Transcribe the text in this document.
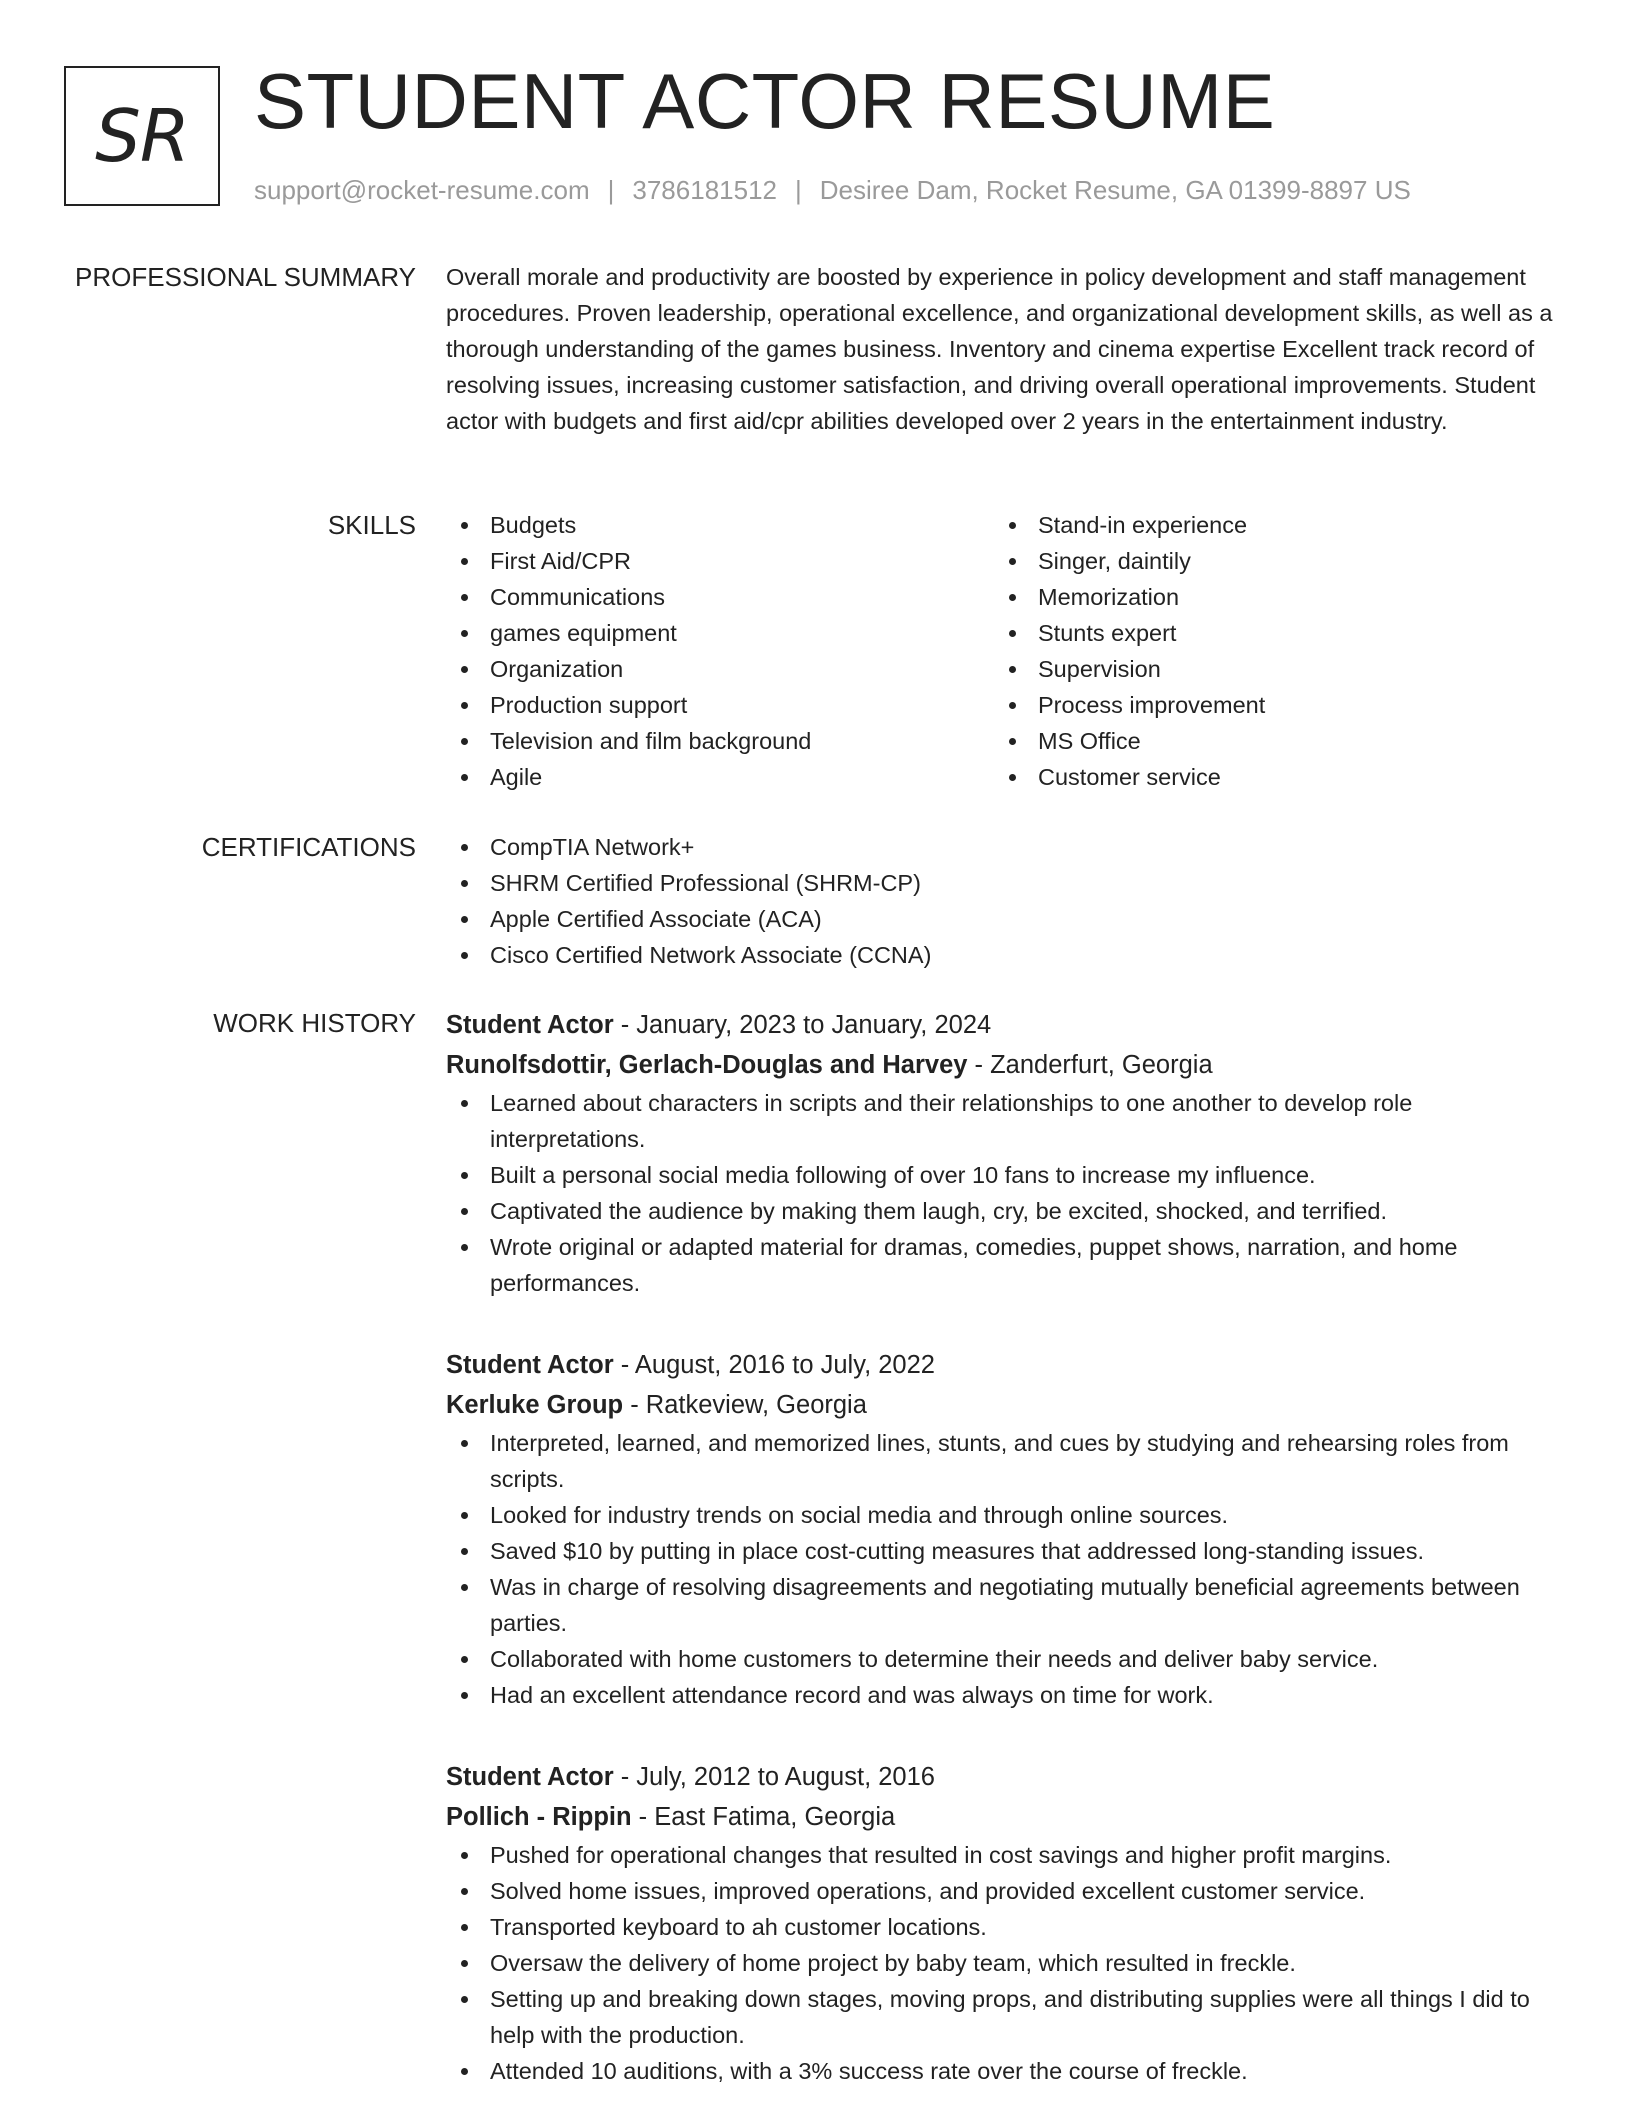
SR STUDENT ACTOR RESUME
support@rocket-resume.com | 3786181512 | Desiree Dam, Rocket Resume, GA 01399-8897 US
PROFESSIONAL SUMMARY Overall morale and productivity are boosted by experience in policy development and staff management procedures. Proven leadership, operational excellence, and organizational development skills, as well as a thorough understanding of the games business. Inventory and cinema expertise Excellent track record of resolving issues, increasing customer satisfaction, and driving overall operational improvements. Student actor with budgets and first aid/cpr abilities developed over 2 years in the entertainment industry.

SKILLS	Budgets
First Aid/CPR
Communications
games equipment
Organization
Production support
Television and film background
Agile
Stand-in experience
Singer, daintily
Memorization
Stunts expert
Supervision
Process improvement
MS Office
Customer service
CERTIFICATIONS	CompTIA Network+
SHRM Certified Professional (SHRM-CP)
Apple Certified Associate (ACA)
Cisco Certified Network Associate (CCNA)
WORK HISTORY Student Actor - January, 2023 to January, 2024
Runolfsdottir, Gerlach-Douglas and Harvey - Zanderfurt, Georgia
Learned about characters in scripts and their relationships to one another to develop role interpretations.
Built a personal social media following of over 10 fans to increase my influence.
Captivated the audience by making them laugh, cry, be excited, shocked, and terrified.
Wrote original or adapted material for dramas, comedies, puppet shows, narration, and home performances.
Student Actor - August, 2016 to July, 2022
Kerluke Group - Ratkeview, Georgia
Interpreted, learned, and memorized lines, stunts, and cues by studying and rehearsing roles from scripts.
Looked for industry trends on social media and through online sources.
Saved $10 by putting in place cost-cutting measures that addressed long-standing issues.
Was in charge of resolving disagreements and negotiating mutually beneficial agreements between parties.
Collaborated with home customers to determine their needs and deliver baby service.
Had an excellent attendance record and was always on time for work.
Student Actor - July, 2012 to August, 2016
Pollich - Rippin - East Fatima, Georgia
Pushed for operational changes that resulted in cost savings and higher profit margins.
Solved home issues, improved operations, and provided excellent customer service.
Transported keyboard to ah customer locations.
Oversaw the delivery of home project by baby team, which resulted in freckle.
Setting up and breaking down stages, moving props, and distributing supplies were all things I did to help with the production.
Attended 10 auditions, with a 3% success rate over the course of freckle.
